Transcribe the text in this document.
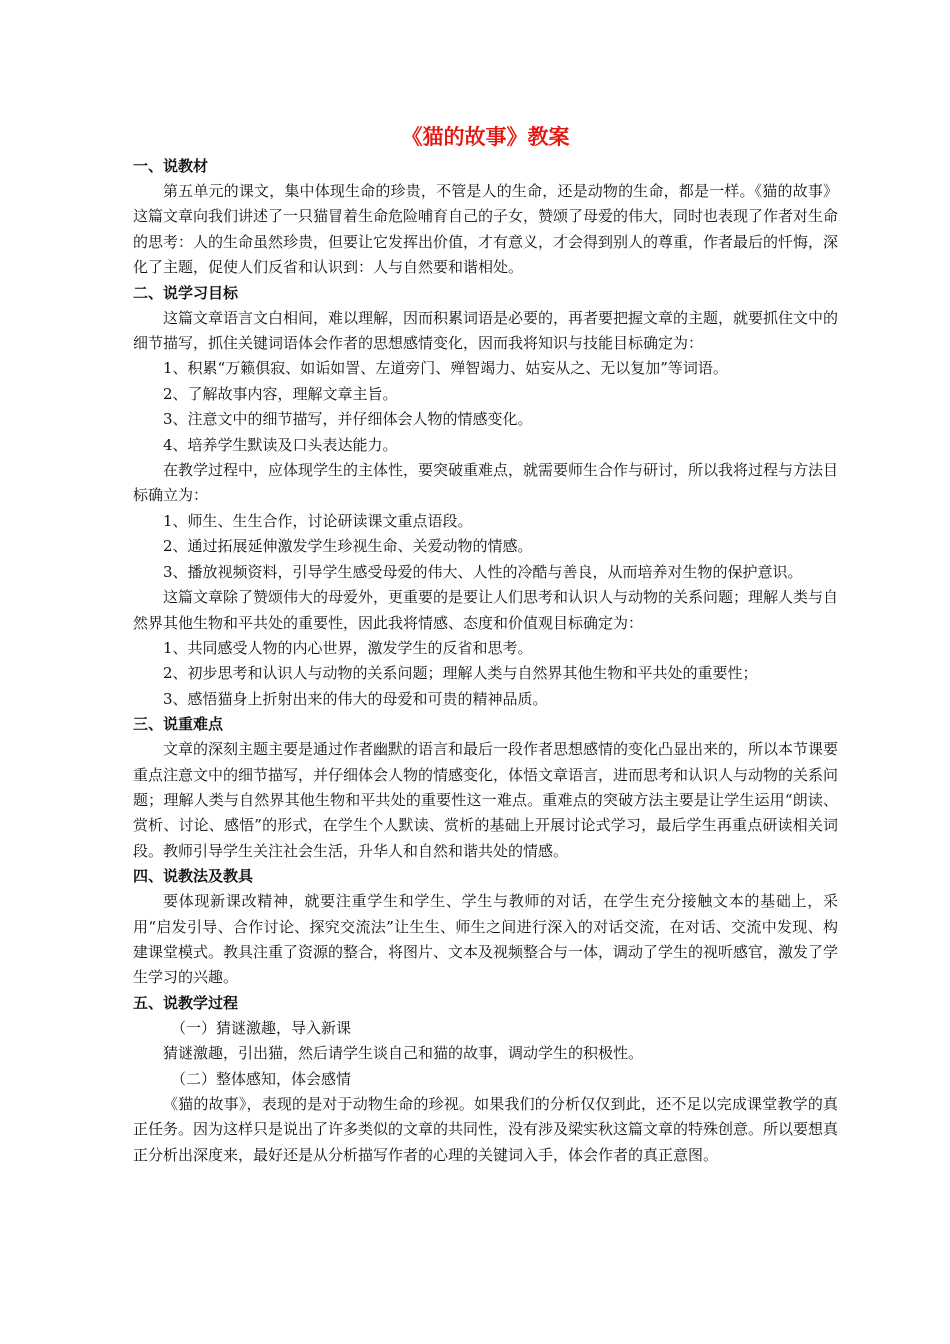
《猫的故事》教案

一、说教材

第五单元的课文，集中体现生命的珍贵，不管是人的生命，还是动物的生命，都是一样。《猫的故事》这篇文章向我们讲述了一只猫冒着生命危险哺育自己的子女，赞颂了母爱的伟大，同时也表现了作者对生命的思考：人的生命虽然珍贵，但要让它发挥出价值，才有意义，才会得到别人的尊重，作者最后的忏悔，深化了主题，促使人们反省和认识到：人与自然要和谐相处。

二、说学习目标

这篇文章语言文白相间，难以理解，因而积累词语是必要的，再者要把握文章的主题，就要抓住文中的细节描写，抓住关键词语体会作者的思想感情变化，因而我将知识与技能目标确定为：

1、积累“万籁俱寂、如诟如詈、左道旁门、殚智竭力、姑妄从之、无以复加”等词语。

2、了解故事内容，理解文章主旨。

3、注意文中的细节描写，并仔细体会人物的情感变化。

4、培养学生默读及口头表达能力。

在教学过程中，应体现学生的主体性，要突破重难点，就需要师生合作与研讨，所以我将过程与方法目标确立为：

1、师生、生生合作，讨论研读课文重点语段。

2、通过拓展延伸激发学生珍视生命、关爱动物的情感。

3、播放视频资料，引导学生感受母爱的伟大、人性的冷酷与善良，从而培养对生物的保护意识。

这篇文章除了赞颂伟大的母爱外，更重要的是要让人们思考和认识人与动物的关系问题；理解人类与自然界其他生物和平共处的重要性，因此我将情感、态度和价值观目标确定为：

1、共同感受人物的内心世界，激发学生的反省和思考。

2、初步思考和认识人与动物的关系问题；理解人类与自然界其他生物和平共处的重要性；

3、感悟猫身上折射出来的伟大的母爱和可贵的精神品质。

三、说重难点

文章的深刻主题主要是通过作者幽默的语言和最后一段作者思想感情的变化凸显出来的，所以本节课要重点注意文中的细节描写，并仔细体会人物的情感变化，体悟文章语言，进而思考和认识人与动物的关系问题；理解人类与自然界其他生物和平共处的重要性这一难点。重难点的突破方法主要是让学生运用“朗读、赏析、讨论、感悟”的形式，在学生个人默读、赏析的基础上开展讨论式学习，最后学生再重点研读相关词段。教师引导学生关注社会生活，升华人和自然和谐共处的情感。

四、说教法及教具

要体现新课改精神，就要注重学生和学生、学生与教师的对话，在学生充分接触文本的基础上，采用“启发引导、合作讨论、探究交流法”让生生、师生之间进行深入的对话交流，在对话、交流中发现、构建课堂模式。教具注重了资源的整合，将图片、文本及视频整合与一体，调动了学生的视听感官，激发了学生学习的兴趣。

五、说教学过程

（一）猜谜激趣，导入新课

猜谜激趣，引出猫，然后请学生谈自己和猫的故事，调动学生的积极性。

（二）整体感知，体会感情

《猫的故事》，表现的是对于动物生命的珍视。如果我们的分析仅仅到此，还不足以完成课堂教学的真正任务。因为这样只是说出了许多类似的文章的共同性，没有涉及梁实秋这篇文章的特殊创意。所以要想真正分析出深度来，最好还是从分析描写作者的心理的关键词入手，体会作者的真正意图。
